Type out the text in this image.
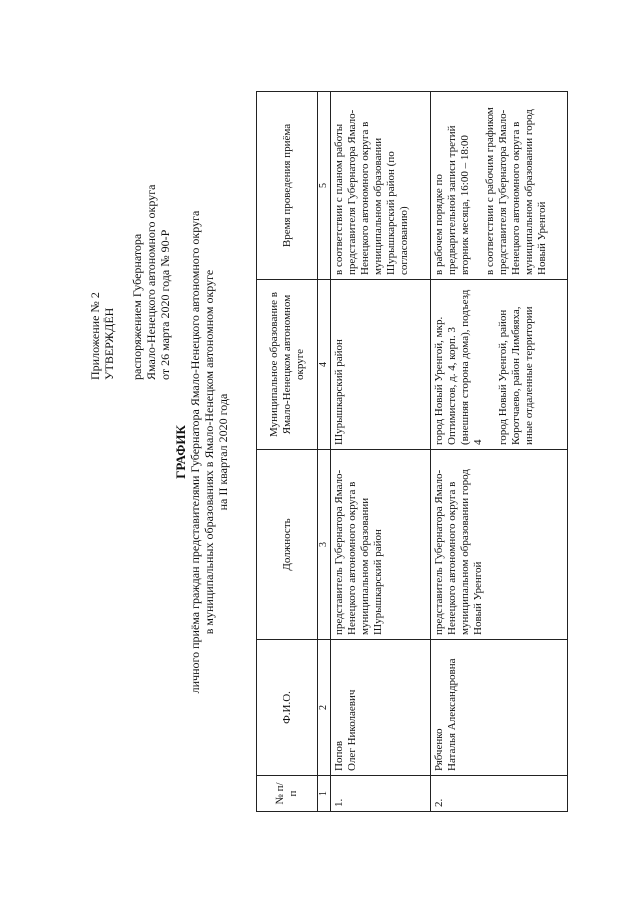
Приложение № 2 УТВЕРЖДЁН распоряжением Губернатора Ямало-Ненецкого автономного округа от 26 марта 2020 года № 90-Р
ГРАФИК личного приёма граждан представителями Губернатора Ямало-Ненецкого автономного округа в муниципальных образованиях в Ямало-Ненецком автономном округе на II квартал 2020 года
№ п/п	Ф.И.О.	Должность	Муниципальное образование в Ямало-Ненецком автономном округе	Время проведения приёма
1	2	3	4	5
1.	Попов Олег Николаевич	представитель Губернатора Ямало-Ненецкого автономного округа в муниципальном образовании Шурышкарский район	Шурышкарский район	в соответствии с планом работы представителя Губернатора Ямало-Ненецкого автономного округа в муниципальном образовании Шурышкарский район (по согласованию)
2.	Рябченко Наталья Александровна	представитель Губернатора Ямало-Ненецкого автономного округа в муниципальном образовании город Новый Уренгой	город Новый Уренгой, мкр. Оптимистов, д. 4, корп. 3 (внешняя сторона дома), подъезд 4 город Новый Уренгой, район Коротчаево, район Лимбяяха, иные отдаленные территории	в рабочем порядке по предварительной записи третий вторник месяца, 16:00 – 18:00 в соответствии с рабочим графиком представителя Губернатора Ямало-Ненецкого автономного округа в муниципальном образовании город Новый Уренгой
